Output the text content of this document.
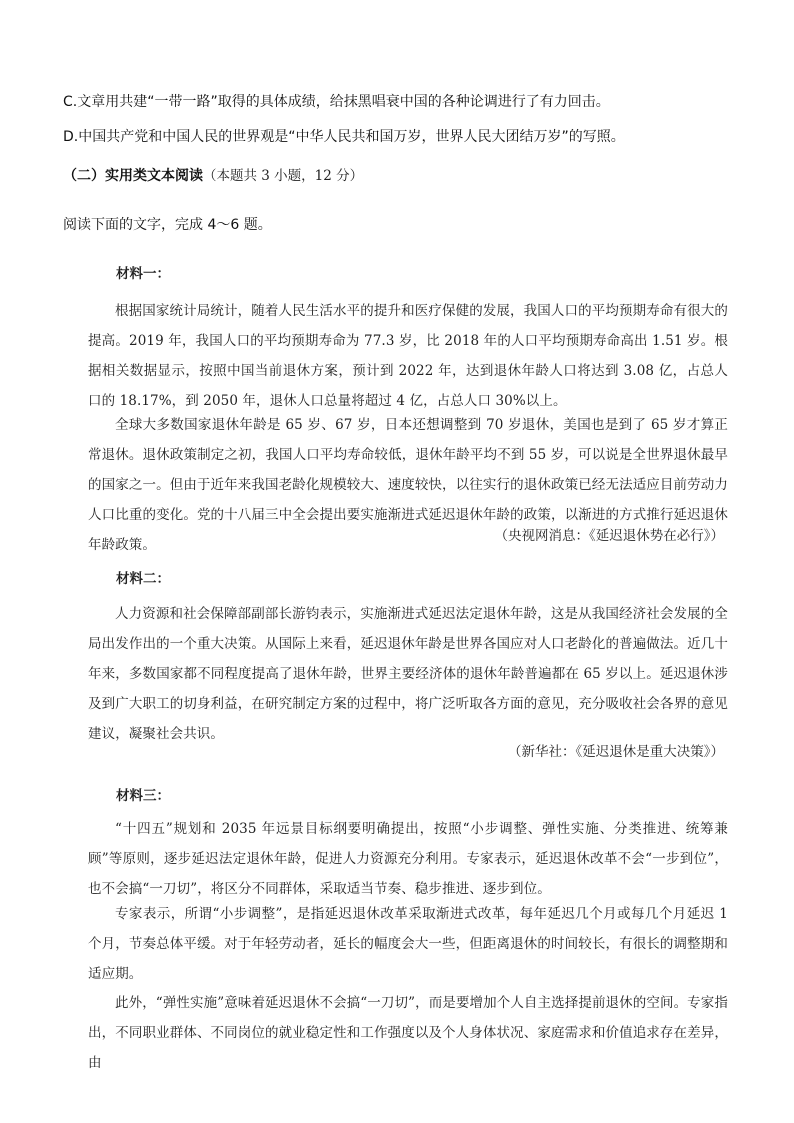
C.文章用共建“一带一路”取得的具体成绩，给抹黑唱衰中国的各种论调进行了有力回击。
D.中国共产党和中国人民的世界观是“中华人民共和国万岁，世界人民大团结万岁”的写照。
（二）实用类文本阅读（本题共 3 小题，12 分）
阅读下面的文字，完成 4～6 题。
材料一：
根据国家统计局统计，随着人民生活水平的提升和医疗保健的发展，我国人口的平均预期寿命有很大的提高。2019 年，我国人口的平均预期寿命为 77.3 岁，比 2018 年的人口平均预期寿命高出 1.51 岁。根据相关数据显示，按照中国当前退休方案，预计到 2022 年，达到退休年龄人口将达到 3.08 亿，占总人口的 18.17%，到 2050 年，退休人口总量将超过 4 亿，占总人口 30%以上。
全球大多数国家退休年龄是 65 岁、67 岁，日本还想调整到 70 岁退休，美国也是到了 65 岁才算正常退休。退休政策制定之初，我国人口平均寿命较低，退休年龄平均不到 55 岁，可以说是全世界退休最早的国家之一。但由于近年来我国老龄化规模较大、速度较快，以往实行的退休政策已经无法适应目前劳动力人口比重的变化。党的十八届三中全会提出要实施渐进式延迟退休年龄的政策，以渐进的方式推行延迟退休年龄政策。
（央视网消息：《延迟退休势在必行》）
材料二：
人力资源和社会保障部副部长游钧表示，实施渐进式延迟法定退休年龄，这是从我国经济社会发展的全局出发作出的一个重大决策。从国际上来看，延迟退休年龄是世界各国应对人口老龄化的普遍做法。近几十年来，多数国家都不同程度提高了退休年龄，世界主要经济体的退休年龄普遍都在 65 岁以上。延迟退休涉及到广大职工的切身利益，在研究制定方案的过程中，将广泛听取各方面的意见，充分吸收社会各界的意见建议，凝聚社会共识。
（新华社：《延迟退休是重大决策》）
材料三：
“十四五”规划和 2035 年远景目标纲要明确提出，按照“小步调整、弹性实施、分类推进、统筹兼顾”等原则，逐步延迟法定退休年龄，促进人力资源充分利用。专家表示，延迟退休改革不会“一步到位”，也不会搞“一刀切”，将区分不同群体，采取适当节奏、稳步推进、逐步到位。
专家表示，所谓“小步调整”，是指延迟退休改革采取渐进式改革，每年延迟几个月或每几个月延迟 1 个月，节奏总体平缓。对于年轻劳动者，延长的幅度会大一些，但距离退休的时间较长，有很长的调整期和适应期。
此外，“弹性实施”意味着延迟退休不会搞“一刀切”，而是要增加个人自主选择提前退休的空间。专家指出，不同职业群体、不同岗位的就业稳定性和工作强度以及个人身体状况、家庭需求和价值追求存在差异，由
